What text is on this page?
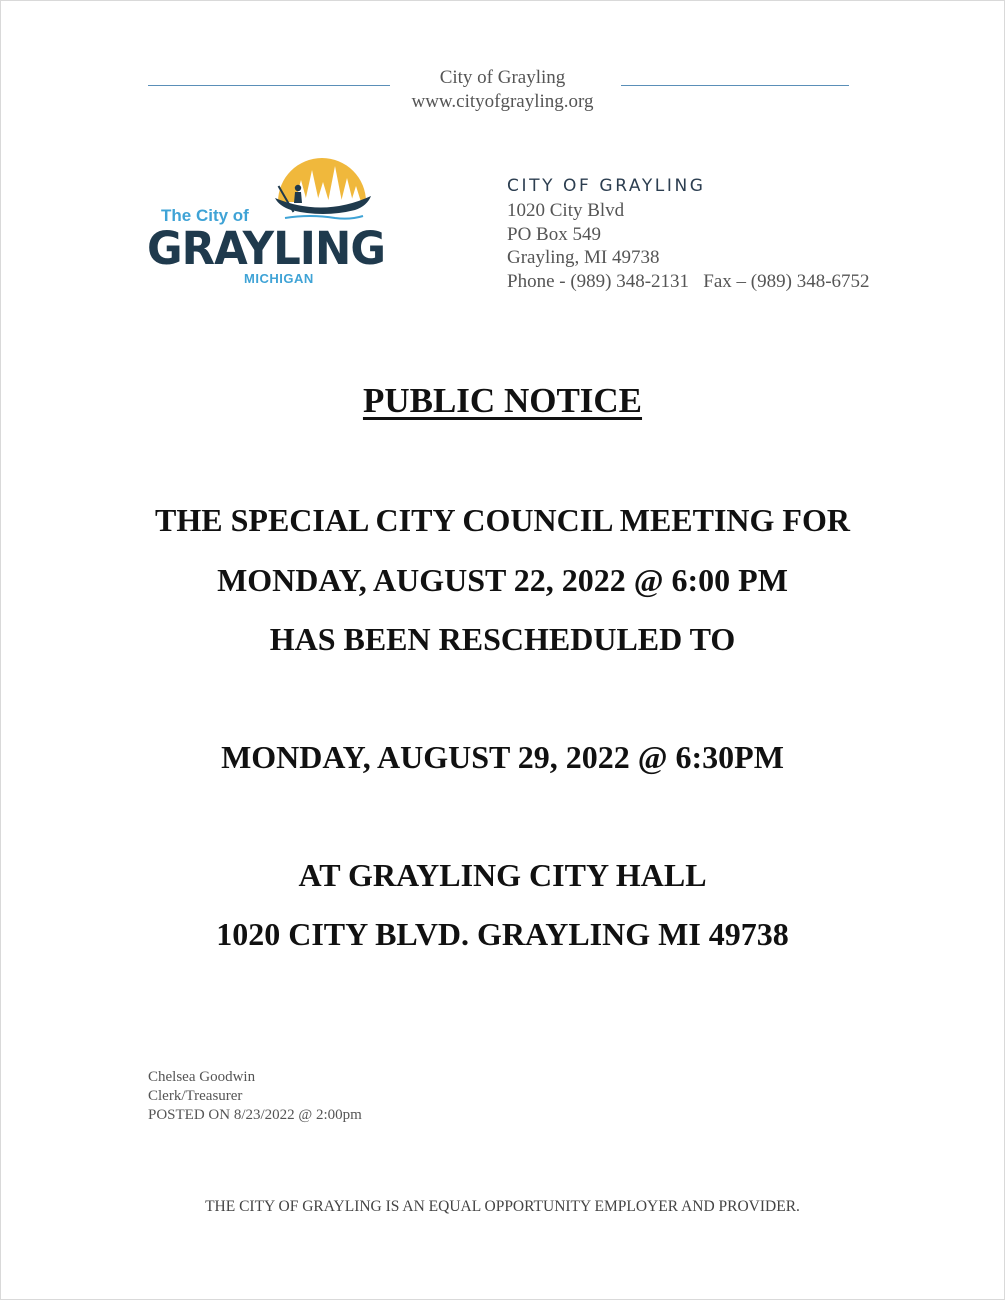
City of Grayling
www.cityofgrayling.org
The City of
GRAYLING
MICHIGAN
CITY OF GRAYLING
1020 City Blvd
PO Box 549
Grayling, MI 49738
Phone - (989) 348-2131   Fax – (989) 348-6752
PUBLIC NOTICE
THE SPECIAL CITY COUNCIL MEETING FOR
MONDAY, AUGUST 22, 2022 @ 6:00 PM
HAS BEEN RESCHEDULED TO
MONDAY, AUGUST 29, 2022 @ 6:30PM
AT GRAYLING CITY HALL
1020 CITY BLVD. GRAYLING MI 49738
Chelsea Goodwin
Clerk/Treasurer
POSTED ON 8/23/2022 @ 2:00pm
THE CITY OF GRAYLING IS AN EQUAL OPPORTUNITY EMPLOYER AND PROVIDER.
